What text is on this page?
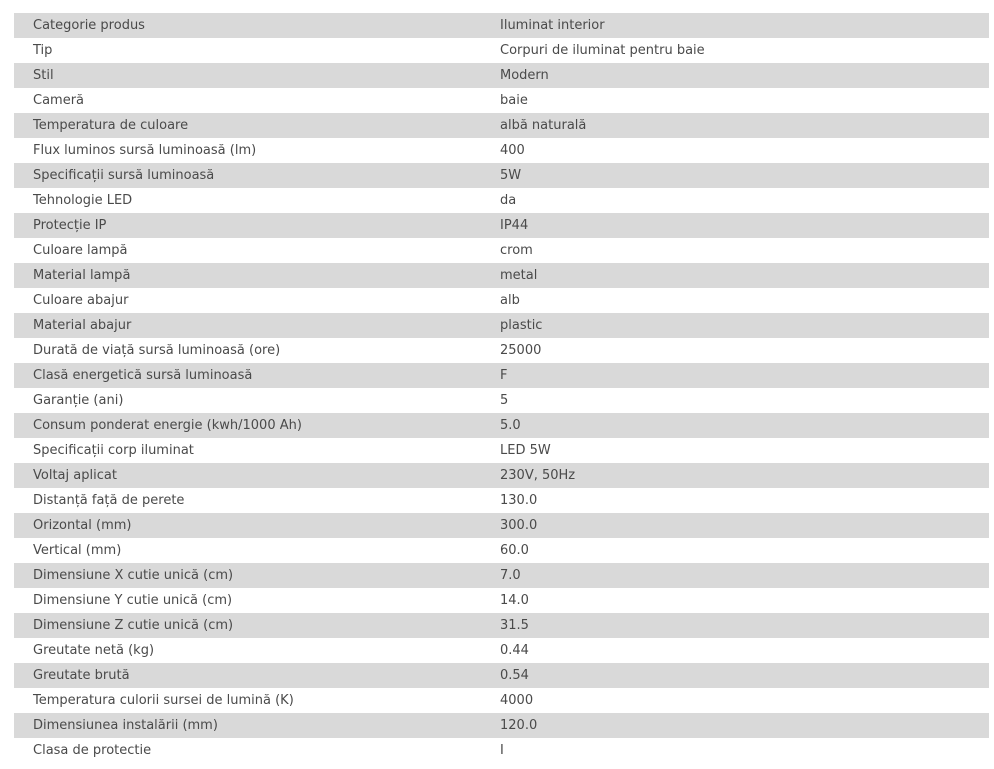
Categorie produs	Iluminat interior
Tip	Corpuri de iluminat pentru baie
Stil	Modern
Cameră	baie
Temperatura de culoare	albă naturală
Flux luminos sursă luminoasă (lm)	400
Specificații sursă luminoasă	5W
Tehnologie LED	da
Protecție IP	IP44
Culoare lampă	crom
Material lampă	metal
Culoare abajur	alb
Material abajur	plastic
Durată de viață sursă luminoasă (ore)	25000
Clasă energetică sursă luminoasă	F
Garanție (ani)	5
Consum ponderat energie (kwh/1000 Ah)	5.0
Specificații corp iluminat	LED 5W
Voltaj aplicat	230V, 50Hz
Distanță față de perete	130.0
Orizontal (mm)	300.0
Vertical (mm)	60.0
Dimensiune X cutie unică (cm)	7.0
Dimensiune Y cutie unică (cm)	14.0
Dimensiune Z cutie unică (cm)	31.5
Greutate netă (kg)	0.44
Greutate brută	0.54
Temperatura culorii sursei de lumină (K)	4000
Dimensiunea instalării (mm)	120.0
Clasa de protectie	I
